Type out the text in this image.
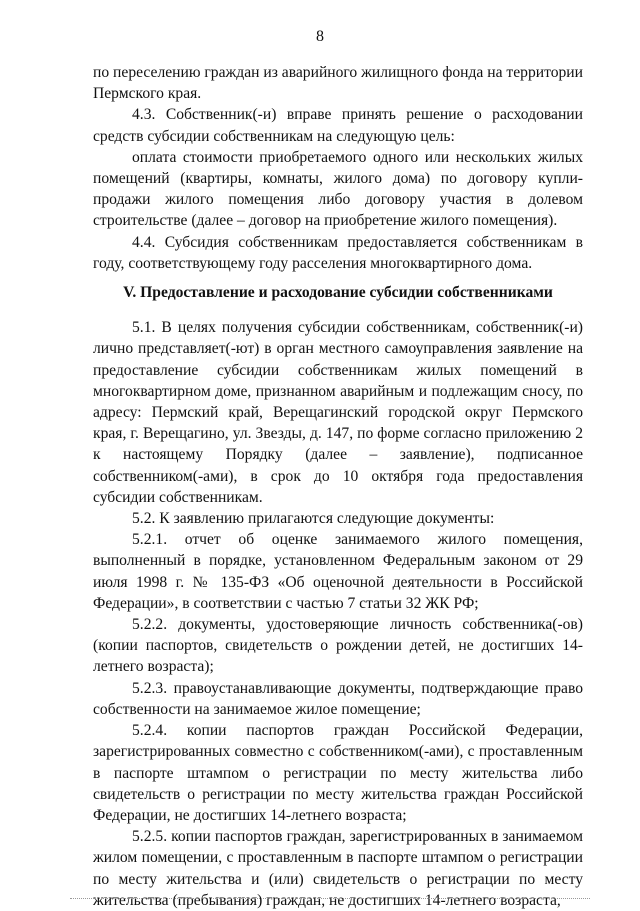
8

по переселению граждан из аварийного жилищного фонда на территории Пермского края.

4.3. Собственник(-и) вправе принять решение о расходовании средств субсидии собственникам на следующую цель:

оплата стоимости приобретаемого одного или нескольких жилых помещений (квартиры, комнаты, жилого дома) по договору купли-продажи жилого помещения либо договору участия в долевом строительстве (далее – договор на приобретение жилого помещения).

4.4. Субсидия собственникам предоставляется собственникам в году, соответствующему году расселения многоквартирного дома.

V. Предоставление и расходование субсидии собственниками

5.1. В целях получения субсидии собственникам, собственник(-и) лично представляет(-ют) в орган местного самоуправления заявление на предоставление субсидии собственникам жилых помещений в многоквартирном доме, признанном аварийным и подлежащим сносу, по адресу: Пермский край, Верещагинский городской округ Пермского края, г. Верещагино, ул. Звезды, д. 147, по форме согласно приложению 2 к настоящему Порядку (далее – заявление), подписанное собственником(-ами), в срок до 10 октября года предоставления субсидии собственникам.

5.2. К заявлению прилагаются следующие документы:

5.2.1. отчет об оценке занимаемого жилого помещения, выполненный в порядке, установленном Федеральным законом от 29 июля 1998 г. № 135-ФЗ «Об оценочной деятельности в Российской Федерации», в соответствии с частью 7 статьи 32 ЖК РФ;

5.2.2. документы, удостоверяющие личность собственника(-ов) (копии паспортов, свидетельств о рождении детей, не достигших 14-летнего возраста);

5.2.3. правоустанавливающие документы, подтверждающие право собственности на занимаемое жилое помещение;

5.2.4. копии паспортов граждан Российской Федерации, зарегистрированных совместно с собственником(-ами), с проставленным в паспорте штампом о регистрации по месту жительства либо свидетельств о регистрации по месту жительства граждан Российской Федерации, не достигших 14-летнего возраста;

5.2.5. копии паспортов граждан, зарегистрированных в занимаемом жилом помещении, с проставленным в паспорте штампом о регистрации по месту жительства и (или) свидетельств о регистрации по месту жительства (пребывания) граждан, не достигших 14-летнего возраста,
